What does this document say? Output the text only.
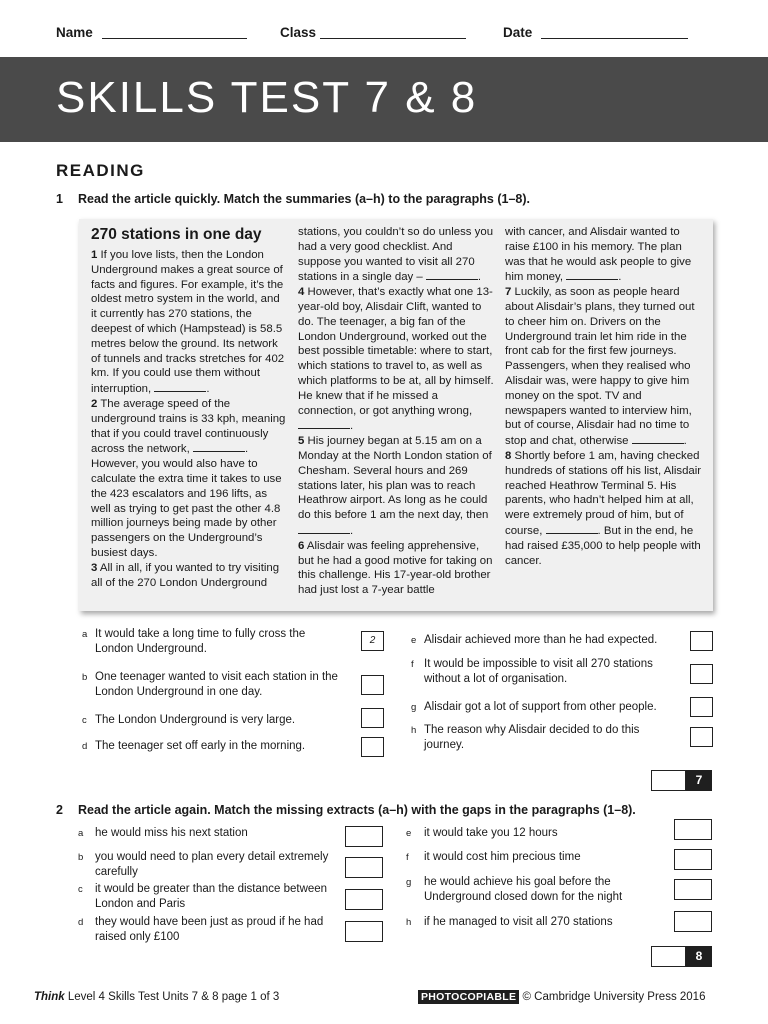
Name	Class	Date
SKILLS TEST 7 & 8
READING
1 Read the article quickly. Match the summaries (a–h) to the paragraphs (1–8).

270 stations in one day

1 If you love lists, then the London Underground makes a great source of facts and figures. For example, it’s the oldest metro system in the world, and it currently has 270 stations, the deepest of which (Hampstead) is 58.5 metres below the ground. Its network of tunnels and tracks stretches for 402 km. If you could use them without interruption,	.

2 The average speed of the underground trains is 33 kph, meaning that if you could travel continuously across the network,	. However, you would also have to calculate the extra time it takes to use the 423 escalators and 196 lifts, as well as trying to get past the other 4.8 million journeys being made by other passengers on the Underground’s busiest days.

3 All in all, if you wanted to try visiting all of the 270 London Underground

stations, you couldn’t so do unless you had a very good checklist. And suppose you wanted to visit all 270 stations in a single day –	.

4 However, that’s exactly what one 13-year-old boy, Alisdair Clift, wanted to do. The teenager, a big fan of the London Underground, worked out the best possible timetable: where to start, which stations to travel to, as well as which platforms to be at, all by himself. He knew that if he missed a connection, or got anything wrong, .

5 His journey began at 5.15 am on a Monday at the North London station of Chesham. Several hours and 269 stations later, his plan was to reach Heathrow airport. As long as he could do this before 1 am the next day, then .

6 Alisdair was feeling apprehensive, but he had a good motive for taking on this challenge. His 17-year-old brother had just lost a 7-year battle

with cancer, and Alisdair wanted to raise £100 in his memory. The plan was that he would ask people to give him money,	.

7 Luckily, as soon as people heard about Alisdair’s plans, they turned out to cheer him on. Drivers on the Underground train let him ride in the front cab for the first few journeys. Passengers, when they realised who Alisdair was, were happy to give him money on the spot. TV and newspapers wanted to interview him, but of course, Alisdair had no time to stop and chat, otherwise	.

8 Shortly before 1 am, having checked hundreds of stations off his list, Alisdair reached Heathrow Terminal 5. His parents, who hadn’t helped him at all, were extremely proud of him, but of course,	. But in the end, he had raised £35,000 to help people with cancer.

a It would take a long time to fully cross the London Underground.
2
b One teenager wanted to visit each station in the London Underground in one day.
c The London Underground is very large.
d The teenager set off early in the morning.
e Alisdair achieved more than he had expected.
f It would be impossible to visit all 270 stations without a lot of organisation.
g Alisdair got a lot of support from other people.
h The reason why Alisdair decided to do this journey.
7
2 Read the article again. Match the missing extracts (a–h) with the gaps in the paragraphs (1–8).
a he would miss his next station
b you would need to plan every detail extremely carefully
c it would be greater than the distance between London and Paris
d they would have been just as proud if he had raised only £100
e it would take you 12 hours
f it would cost him precious time
g he would achieve his goal before the Underground closed down for the night
h if he managed to visit all 270 stations
8
Think Level 4 Skills Test Units 7 & 8 page 1 of 3	PHOTOCOPIABLE © Cambridge University Press 2016
